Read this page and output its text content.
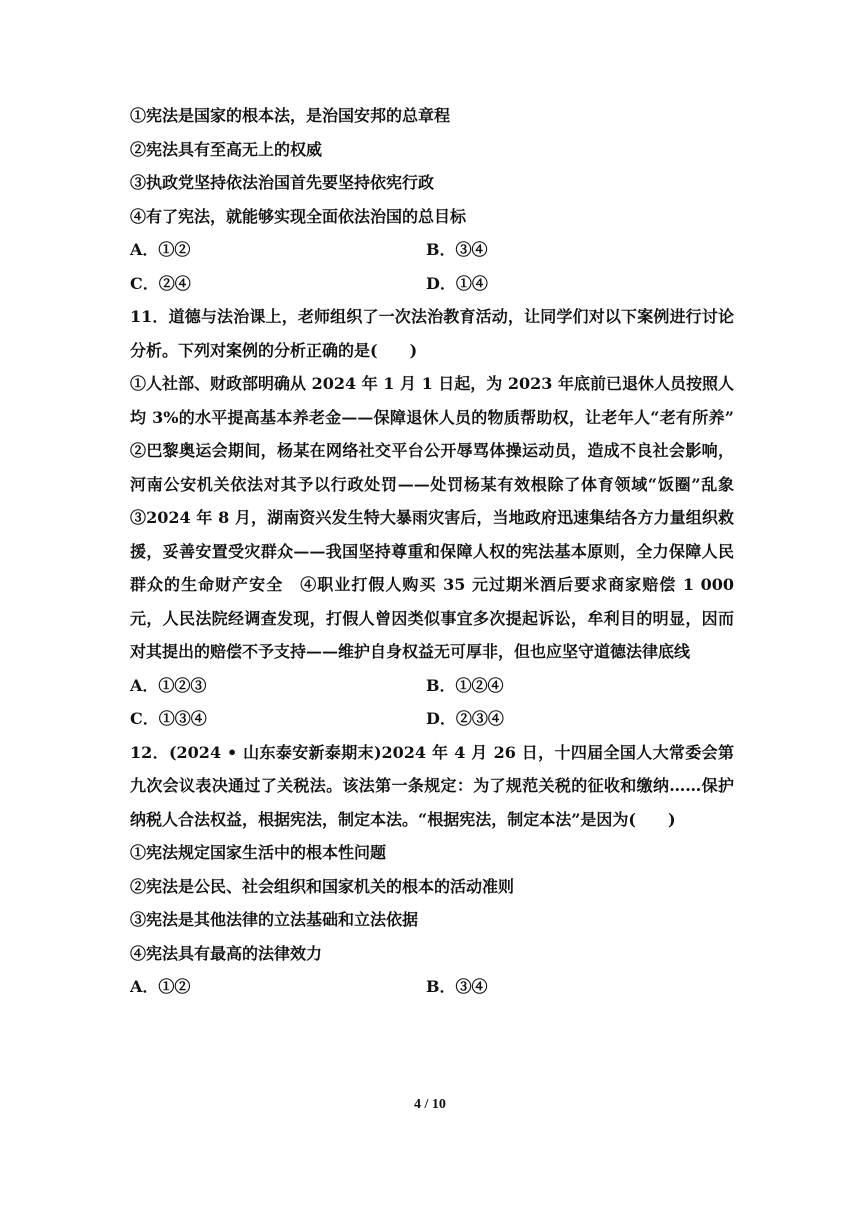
①宪法是国家的根本法，是治国安邦的总章程
②宪法具有至高无上的权威
③执政党坚持依法治国首先要坚持依宪行政
④有了宪法，就能够实现全面依法治国的总目标
A．①②	B．③④
C．②④	D．①④
11．道德与法治课上，老师组织了一次法治教育活动，让同学们对以下案例进行讨论分析。下列对案例的分析正确的是(　　)
①人社部、财政部明确从 2024 年 1 月 1 日起，为 2023 年底前已退休人员按照人均 3%的水平提高基本养老金——保障退休人员的物质帮助权，让老年人“老有所养”　②巴黎奥运会期间，杨某在网络社交平台公开辱骂体操运动员，造成不良社会影响，河南公安机关依法对其予以行政处罚——处罚杨某有效根除了体育领域“饭圈”乱象　③2024 年 8 月，湖南资兴发生特大暴雨灾害后，当地政府迅速集结各方力量组织救援，妥善安置受灾群众——我国坚持尊重和保障人权的宪法基本原则，全力保障人民群众的生命财产安全　④职业打假人购买 35 元过期米酒后要求商家赔偿 1 000 元，人民法院经调查发现，打假人曾因类似事宜多次提起诉讼，牟利目的明显，因而对其提出的赔偿不予支持——维护自身权益无可厚非，但也应坚守道德法律底线
A．①②③	B．①②④
C．①③④	D．②③④
12．(2024 • 山东泰安新泰期末)2024 年 4 月 26 日，十四届全国人大常委会第九次会议表决通过了关税法。该法第一条规定：为了规范关税的征收和缴纳……保护纳税人合法权益，根据宪法，制定本法。“根据宪法，制定本法”是因为(　　)
①宪法规定国家生活中的根本性问题
②宪法是公民、社会组织和国家机关的根本的活动准则
③宪法是其他法律的立法基础和立法依据
④宪法具有最高的法律效力
A．①②	B．③④
4 / 10
